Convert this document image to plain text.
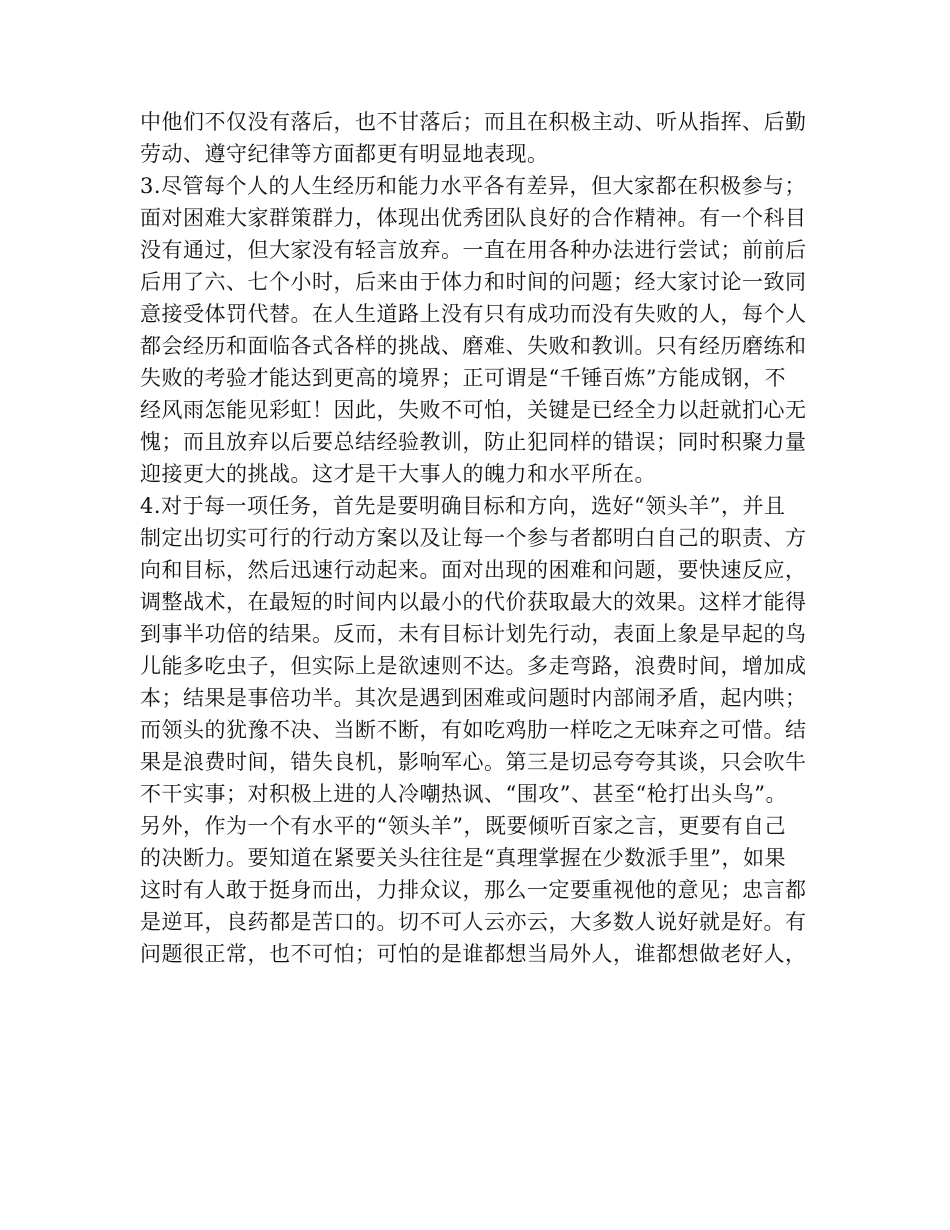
中他们不仅没有落后，也不甘落后；而且在积极主动、听从指挥、后勤
劳动、遵守纪律等方面都更有明显地表现。
3.尽管每个人的人生经历和能力水平各有差异，但大家都在积极参与；
面对困难大家群策群力，体现出优秀团队良好的合作精神。有一个科目
没有通过，但大家没有轻言放弃。一直在用各种办法进行尝试；前前后
后用了六、七个小时，后来由于体力和时间的问题；经大家讨论一致同
意接受体罚代替。在人生道路上没有只有成功而没有失败的人，每个人
都会经历和面临各式各样的挑战、磨难、失败和教训。只有经历磨练和
失败的考验才能达到更高的境界；正可谓是“千锤百炼”方能成钢，不
经风雨怎能见彩虹！因此，失败不可怕，关键是已经全力以赶就扪心无
愧；而且放弃以后要总结经验教训，防止犯同样的错误；同时积聚力量
迎接更大的挑战。这才是干大事人的魄力和水平所在。
4.对于每一项任务，首先是要明确目标和方向，选好“领头羊”，并且
制定出切实可行的行动方案以及让每一个参与者都明白自己的职责、方
向和目标，然后迅速行动起来。面对出现的困难和问题，要快速反应，
调整战术，在最短的时间内以最小的代价获取最大的效果。这样才能得
到事半功倍的结果。反而，未有目标计划先行动，表面上象是早起的鸟
儿能多吃虫子，但实际上是欲速则不达。多走弯路，浪费时间，增加成
本；结果是事倍功半。其次是遇到困难或问题时内部闹矛盾，起内哄；
而领头的犹豫不决、当断不断，有如吃鸡肋一样吃之无味弃之可惜。结
果是浪费时间，错失良机，影响军心。第三是切忌夸夸其谈，只会吹牛
不干实事；对积极上进的人冷嘲热讽、“围攻”、甚至“枪打出头鸟”。
另外，作为一个有水平的“领头羊”，既要倾听百家之言，更要有自己
的决断力。要知道在紧要关头往往是“真理掌握在少数派手里”，如果
这时有人敢于挺身而出，力排众议，那么一定要重视他的意见；忠言都
是逆耳，良药都是苦口的。切不可人云亦云，大多数人说好就是好。有
问题很正常，也不可怕；可怕的是谁都想当局外人，谁都想做老好人，
